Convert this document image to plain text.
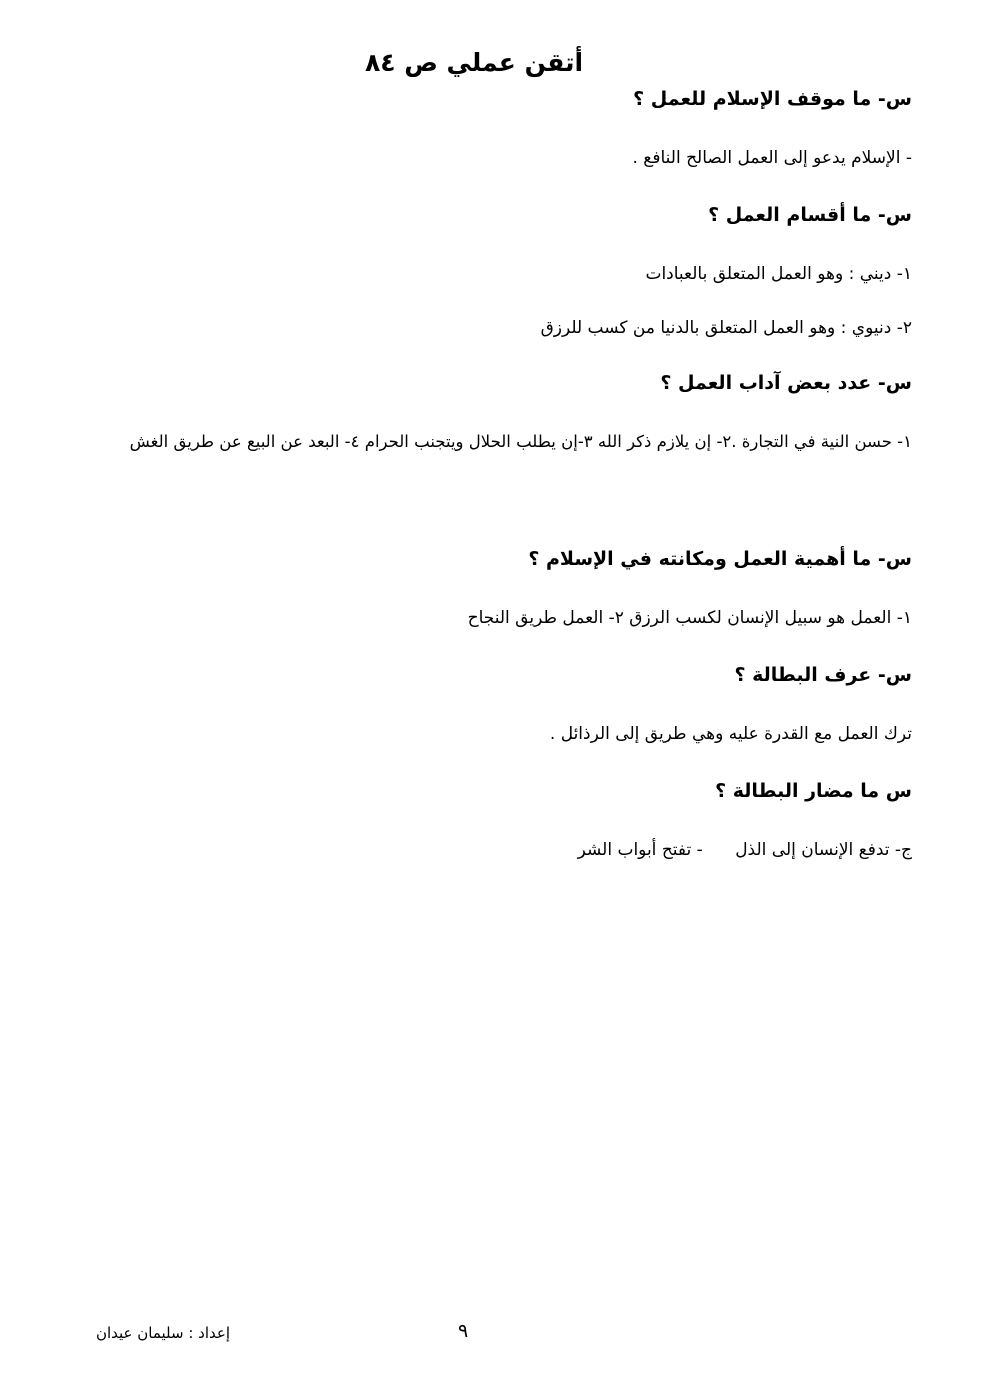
أتقن عملي ص ٨٤
س- ما موقف الإسلام للعمل ؟
- الإسلام يدعو إلى العمل الصالح النافع .
س- ما أقسام العمل ؟
١- ديني : وهو العمل المتعلق بالعبادات
٢- دنيوي : وهو العمل المتعلق بالدنيا من كسب للرزق
س- عدد بعض آداب العمل ؟
١- حسن النية في التجارة .٢- إن يلازم ذكر الله ٣-إن يطلب الحلال ويتجنب الحرام ٤- البعد عن البيع عن طريق الغش
س- ما أهمية العمل ومكانته في الإسلام ؟
١- العمل هو سبيل الإنسان لكسب الرزق ٢- العمل طريق النجاح
س- عرف البطالة ؟
ترك العمل مع القدرة عليه وهي طريق إلى الرذائل .
س ما مضار البطالة ؟
ج- تدفع الإنسان إلى الذل      - تفتح أبواب الشر
٩
إعداد : سليمان عيدان
